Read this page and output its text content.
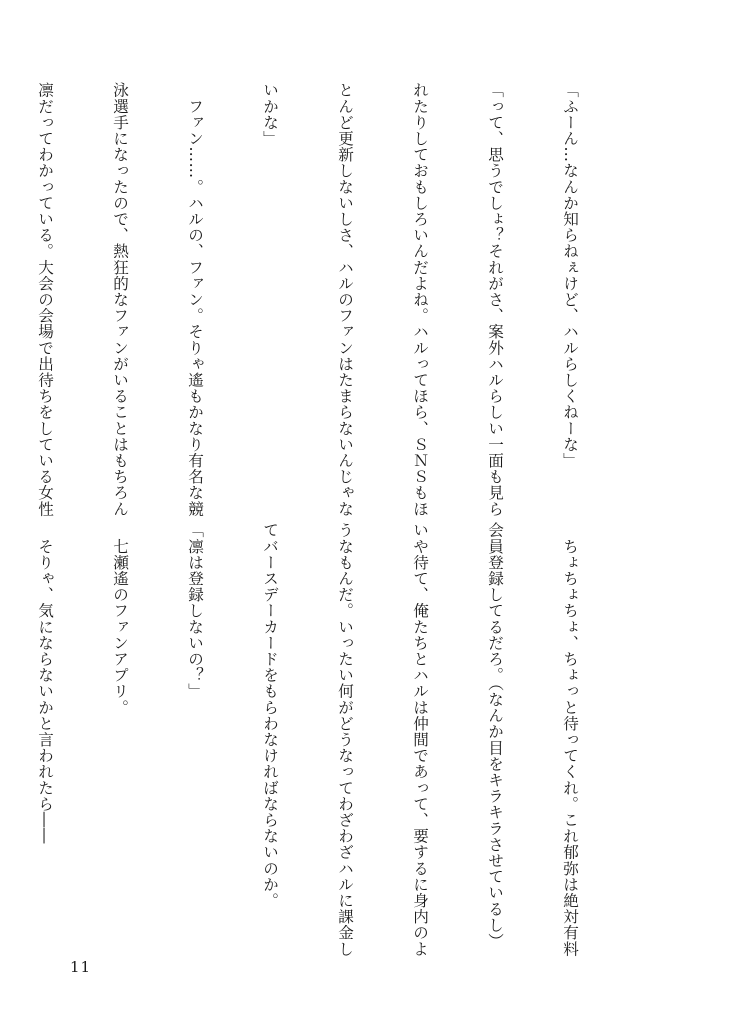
「ふーん…なんか知らねぇけど、ハルらしくねーな」

「って、思うでしょ？それがさ、案外ハルらしい一面も見ら

れたりしておもしろいんだよね。ハルってほら、ＳＮＳもほ

とんど更新しないしさ、ハルのファンはたまらないんじゃな

いかな」

　ファン……。ハルの、ファン。そりゃ遙もかなり有名な競

泳選手になったので、熱狂的なファンがいることはもちろん

凛だってわかっている。大会の会場で出待ちをしている女性

　ちょちょちょ、ちょっと待ってくれ。これ郁弥は絶対有料

会員登録してるだろ。（なんか目をキラキラさせているし）

いや待て、俺たちとハルは仲間であって、要するに身内のよ

うなもんだ。いったい何がどうなってわざわざハルに課金し

てバースデーカードをもらわなければならないのか。

「凛は登録しないの？」

　七瀬遙のファンアプリ。

　そりゃ、気にならないかと言われたら――

11
